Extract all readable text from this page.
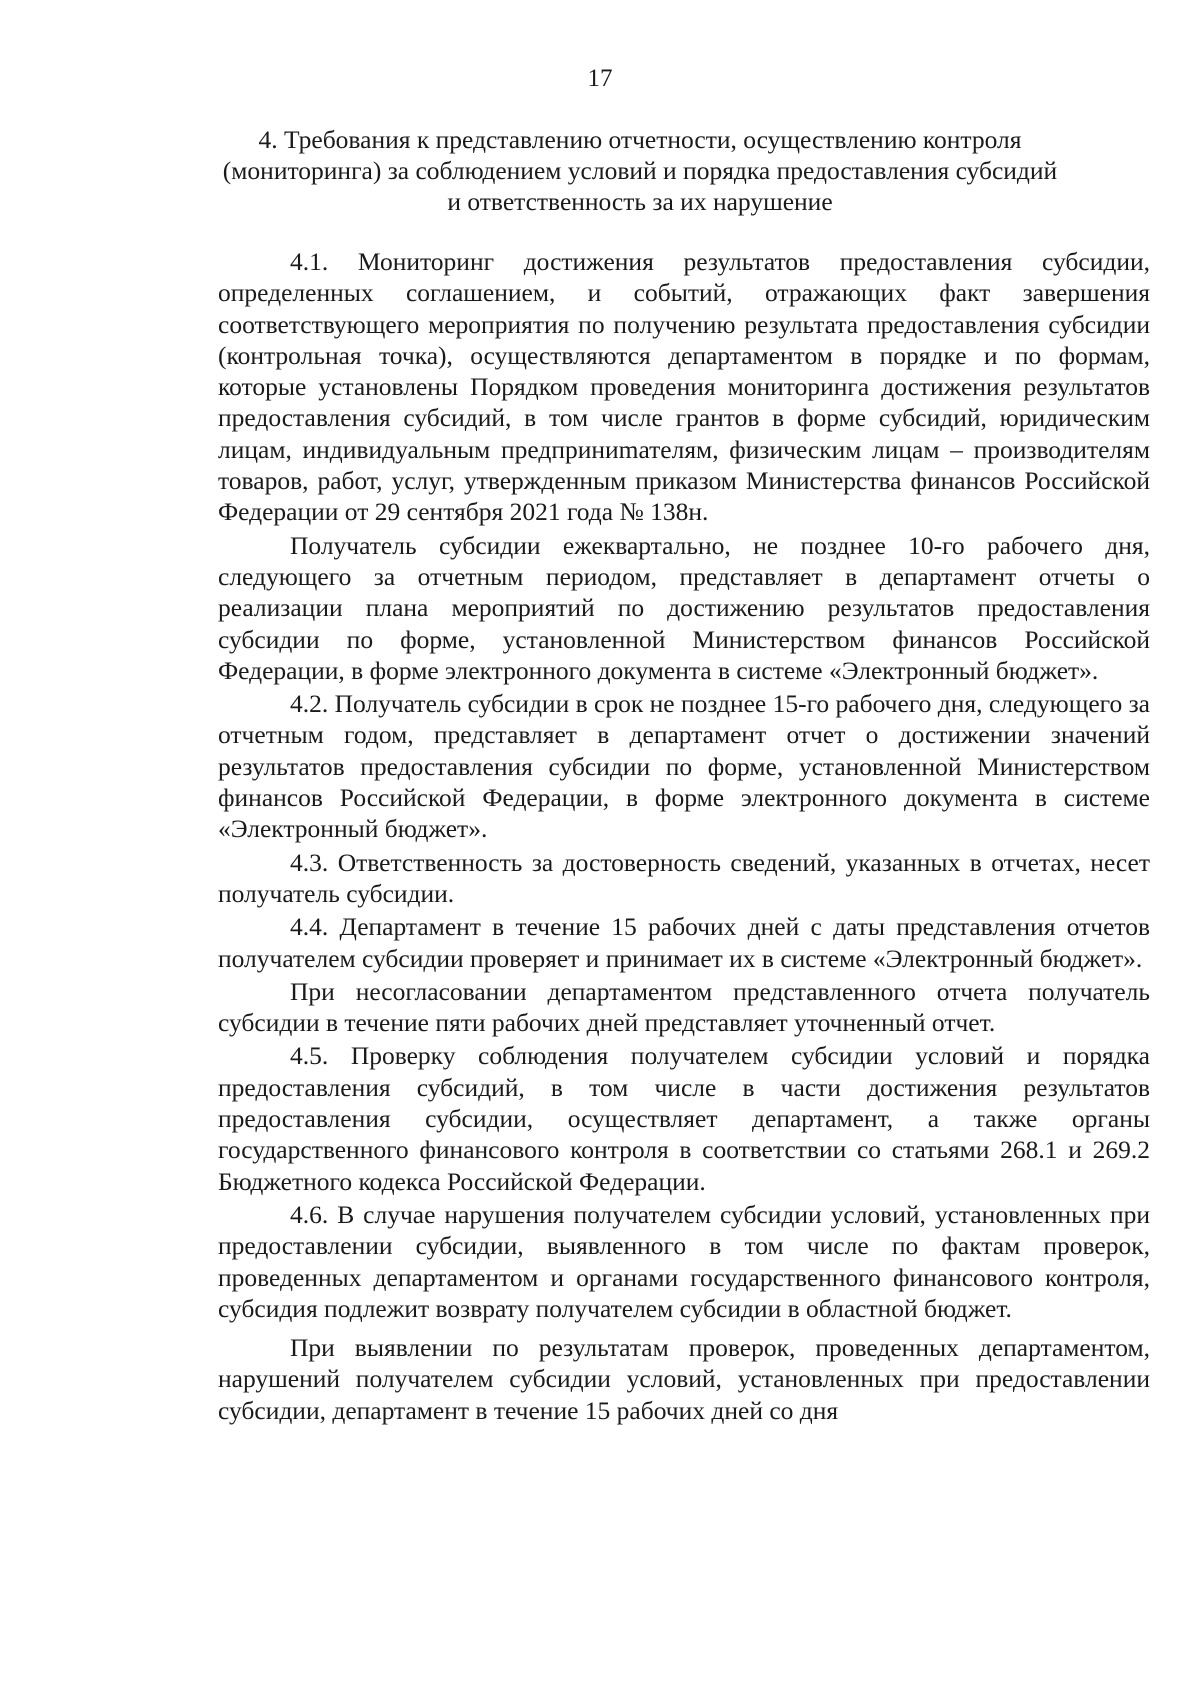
17
4. Требования к представлению отчетности, осуществлению контроля
(мониторинга) за соблюдением условий и порядка предоставления субсидий
и ответственность за их нарушение

4.1. Мониторинг достижения результатов предоставления субсидии, определенных соглашением, и событий, отражающих факт завершения соответствующего мероприятия по получению результата предоставления субсидии (контрольная точка), осуществляются департаментом в порядке и по формам, которые установлены Порядком проведения мониторинга достижения результатов предоставления субсидий, в том числе грантов в форме субсидий, юридическим лицам, индивидуальным предприниmателям, физическим лицам – производителям товаров, работ, услуг, утвержденным приказом Министерства финансов Российской Федерации от 29 сентября 2021 года № 138н.

Получатель субсидии ежеквартально, не позднее 10-го рабочего дня, следующего за отчетным периодом, представляет в департамент отчеты о реализации плана мероприятий по достижению результатов предоставления субсидии по форме, установленной Министерством финансов Российской Федерации, в форме электронного документа в системе «Электронный бюджет».

4.2. Получатель субсидии в срок не позднее 15-го рабочего дня, следующего за отчетным годом, представляет в департамент отчет о достижении значений результатов предоставления субсидии по форме, установленной Министерством финансов Российской Федерации, в форме электронного документа в системе «Электронный бюджет».

4.3. Ответственность за достоверность сведений, указанных в отчетах, несет получатель субсидии.

4.4. Департамент в течение 15 рабочих дней с даты представления отчетов получателем субсидии проверяет и принимает их в системе «Электронный бюджет».

При несогласовании департаментом представленного отчета получатель субсидии в течение пяти рабочих дней представляет уточненный отчет.

4.5. Проверку соблюдения получателем субсидии условий и порядка предоставления субсидий, в том числе в части достижения результатов предоставления субсидии, осуществляет департамент, а также органы государственного финансового контроля в соответствии со статьями 268.1 и 269.2 Бюджетного кодекса Российской Федерации.

4.6. В случае нарушения получателем субсидии условий, установленных при предоставлении субсидии, выявленного в том числе по фактам проверок, проведенных департаментом и органами государственного финансового контроля, субсидия подлежит возврату получателем субсидии в областной бюджет.

При выявлении по результатам проверок, проведенных департаментом, нарушений получателем субсидии условий, установленных при предоставлении субсидии, департамент в течение 15 рабочих дней со дня
